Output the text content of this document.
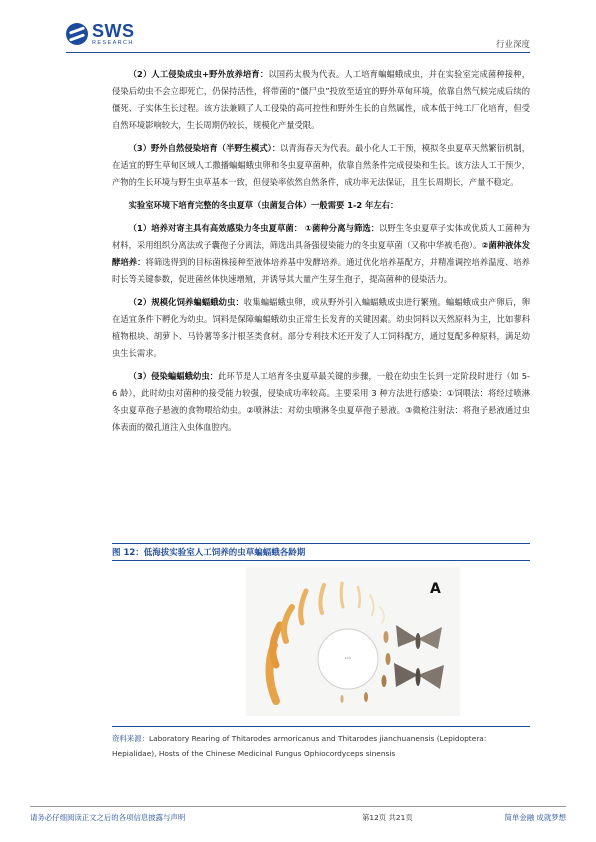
SWS
RESEARCH	行业深度

（2）人工侵染成虫+野外放养培育：以国药太极为代表。人工培育蝙蝠蛾成虫，并在实验室完成菌种接种，侵染后幼虫不会立即死亡，仍保持活性，将带菌的“僵尸虫”投放至适宜的野外草甸环境，依靠自然气候完成后续的僵死、子实体生长过程。该方法兼顾了人工侵染的高可控性和野外生长的自然属性，成本低于纯工厂化培育，但受自然环境影响较大，生长周期仍较长，规模化产量受限。

（3）野外自然侵染培育（半野生模式）：以青海春天为代表。最小化人工干预，模拟冬虫夏草天然繁衍机制，在适宜的野生草甸区域人工撒播蝙蝠蛾虫卵和冬虫夏草菌种，依靠自然条件完成侵染和生长。该方法人工干预少，产物的生长环境与野生虫草基本一致，但侵染率依然自然条件，成功率无法保证，且生长周期长，产量不稳定。

实验室环境下培育完整的冬虫夏草（虫菌复合体）一般需要 1-2 年左右：

（1）培养对寄主具有高效感染力冬虫夏草菌： ①菌种分离与筛选：以野生冬虫夏草子实体或优质人工菌种为材料，采用组织分离法或子囊孢子分离法，筛选出具备强侵染能力的冬虫夏草菌（又称中华被毛孢）。②菌种液体发酵培养：将筛选得到的目标菌株接种至液体培养基中发酵培养。通过优化培养基配方，并精准调控培养温度、培养时长等关键参数，促进菌丝体快速增殖，并诱导其大量产生芽生孢子，提高菌种的侵染活力。

（2）规模化饲养蝙蝠蛾幼虫：收集蝙蝠蛾虫卵，或从野外引入蝙蝠蛾成虫进行繁殖。蝙蝠蛾成虫产卵后，卵在适宜条件下孵化为幼虫。饲料是保障蝙蝠蛾幼虫正常生长发育的关键因素。幼虫饲料以天然原料为主，比如蓼科植物根块、胡萝卜、马铃薯等多汁根茎类食材。部分专利技术还开发了人工饲料配方，通过复配多种原料，满足幼虫生长需求。

（3）侵染蝙蝠蛾幼虫：此环节是人工培育冬虫夏草最关键的步骤，一般在幼虫生长到一定阶段时进行（如 5-6 龄），此时幼虫对菌种的接受能力较强，侵染成功率较高。主要采用 3 种方法进行感染：①饲喂法：将经过喷淋冬虫夏草孢子悬液的食物喂给幼虫。②喷淋法：对幼虫喷淋冬虫夏草孢子悬液。③微枪注射法：将孢子悬液通过虫体表面的微孔道注入虫体血腔内。

图 12：低海拔实验室人工饲养的虫草蝙蝠蛾各龄期
1cm
A
资料来源：Laboratory Rearing of Thitarodes armoricanus and Thitarodes jianchuanensis (Lepidoptera: Hepialidae), Hosts of the Chinese Medicinal Fungus Ophiocordyceps sinensis
请务必仔细阅读正文之后的各项信息披露与声明	第12页 共21页	简单金融 成就梦想
